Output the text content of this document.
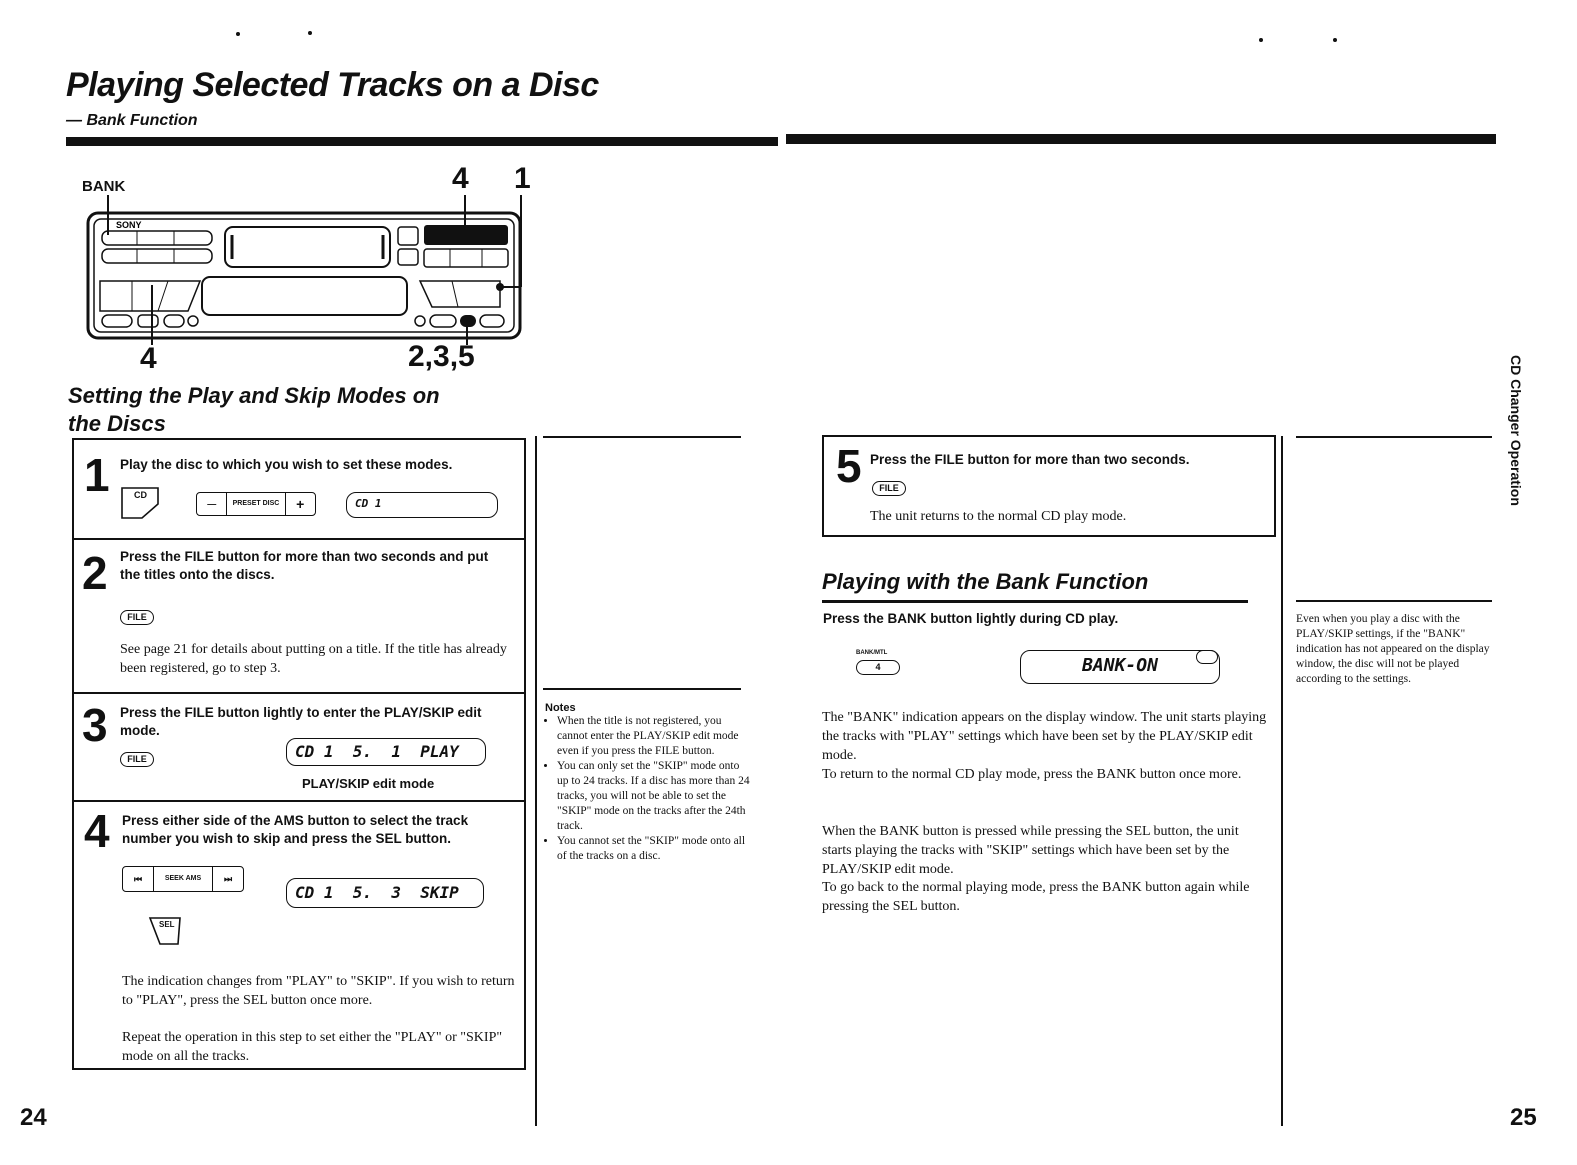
Playing Selected Tracks on a Disc
— Bank Function
BANK	4 1
4	2,3,5
SONY
Setting the Play and Skip Modes on
the Discs
1 Play the disc to which you wish to set these modes.
CD
—	PRESET DISC	+	CD 1
2 Press the FILE button for more than two seconds and put the titles onto the discs.
FILE
See page 21 for details about putting on a title. If the title has already been registered, go to step 3.
3 Press the FILE button lightly to enter the PLAY/SKIP edit mode.
FILE	CD 1  5.  1  PLAY
PLAY/SKIP edit mode
4 Press either side of the AMS button to select the track number you wish to skip and press the SEL button.
⏮	SEEK AMS	⏭
CD 1  5.  3  SKIP
SEL
The indication changes from "PLAY" to "SKIP". If you wish to return to "PLAY", press the SEL button once more.
Repeat the operation in this step to set either the "PLAY" or "SKIP" mode on all the tracks.
Notes
• When the title is not registered, you cannot enter the PLAY/SKIP edit mode even if you press the FILE button.
• You can only set the "SKIP" mode onto up to 24 tracks. If a disc has more than 24 tracks, you will not be able to set the "SKIP" mode on the tracks after the 24th track.
• You cannot set the "SKIP" mode onto all of the tracks on a disc.
5 Press the FILE button for more than two seconds.
FILE
The unit returns to the normal CD play mode.
Playing with the Bank Function
Press the BANK button lightly during CD play.
BANK/MTL
4	BANK-ON
The "BANK" indication appears on the display window. The unit starts playing the tracks with "PLAY" settings which have been set by the PLAY/SKIP edit mode.
To return to the normal CD play mode, press the BANK button once more.
When the BANK button is pressed while pressing the SEL button, the unit starts playing the tracks with "SKIP" settings which have been set by the PLAY/SKIP edit mode.
To go back to the normal playing mode, press the BANK button again while pressing the SEL button.
Even when you play a disc with the PLAY/SKIP settings, if the "BANK" indication has not appeared on the display window, the disc will not be played according to the settings.
CD Changer Operation
24	25
